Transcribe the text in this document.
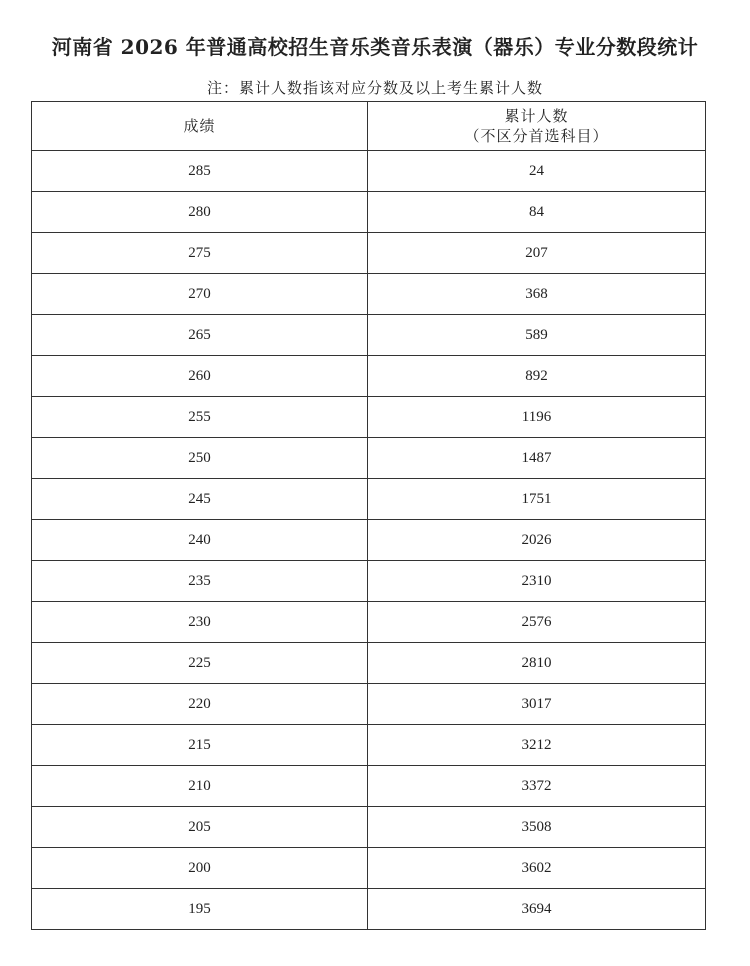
河南省 2026 年普通高校招生音乐类音乐表演（器乐）专业分数段统计
注：累计人数指该对应分数及以上考生累计人数
成绩	累计人数
（不区分首选科目）

285	24
280	84
275	207
270	368
265	589
260	892
255	1196
250	1487
245	1751
240	2026
235	2310
230	2576
225	2810
220	3017
215	3212
210	3372
205	3508
200	3602
195	3694
